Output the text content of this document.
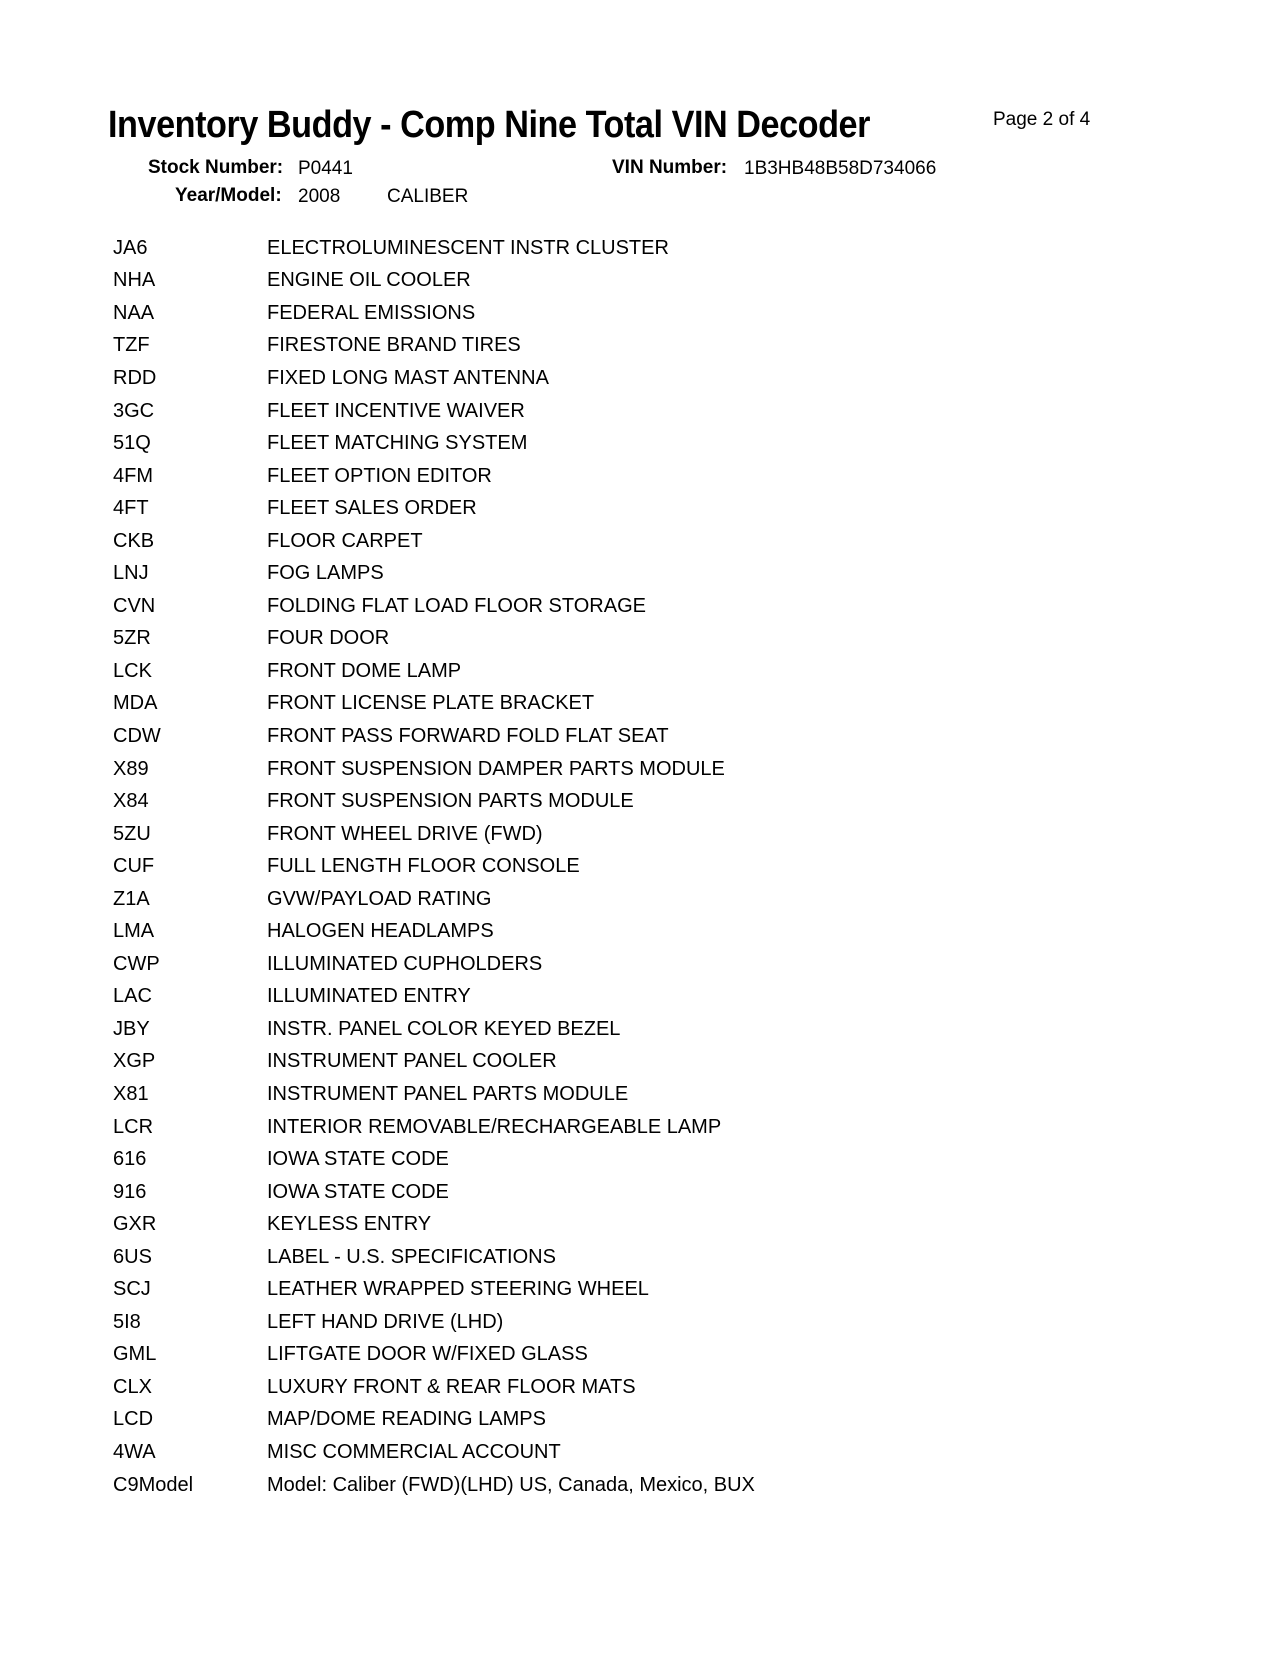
Inventory Buddy - Comp Nine Total VIN Decoder	Page 2 of 4
Stock Number: P0441	VIN Number: 1B3HB48B58D734066
Year/Model: 2008 CALIBER
JA6	ELECTROLUMINESCENT INSTR CLUSTER
NHA	ENGINE OIL COOLER
NAA	FEDERAL EMISSIONS
TZF	FIRESTONE BRAND TIRES
RDD	FIXED LONG MAST ANTENNA
3GC	FLEET INCENTIVE WAIVER
51Q	FLEET MATCHING SYSTEM
4FM	FLEET OPTION EDITOR
4FT	FLEET SALES ORDER
CKB	FLOOR CARPET
LNJ	FOG LAMPS
CVN	FOLDING FLAT LOAD FLOOR STORAGE
5ZR	FOUR DOOR
LCK	FRONT DOME LAMP
MDA	FRONT LICENSE PLATE BRACKET
CDW	FRONT PASS FORWARD FOLD FLAT SEAT
X89	FRONT SUSPENSION DAMPER PARTS MODULE
X84	FRONT SUSPENSION PARTS MODULE
5ZU	FRONT WHEEL DRIVE (FWD)
CUF	FULL LENGTH FLOOR CONSOLE
Z1A	GVW/PAYLOAD RATING
LMA	HALOGEN HEADLAMPS
CWP	ILLUMINATED CUPHOLDERS
LAC	ILLUMINATED ENTRY
JBY	INSTR. PANEL COLOR KEYED BEZEL
XGP	INSTRUMENT PANEL COOLER
X81	INSTRUMENT PANEL PARTS MODULE
LCR	INTERIOR REMOVABLE/RECHARGEABLE LAMP
616	IOWA STATE CODE
916	IOWA STATE CODE
GXR	KEYLESS ENTRY
6US	LABEL - U.S. SPECIFICATIONS
SCJ	LEATHER WRAPPED STEERING WHEEL
5I8	LEFT HAND DRIVE (LHD)
GML	LIFTGATE DOOR W/FIXED GLASS
CLX	LUXURY FRONT & REAR FLOOR MATS
LCD	MAP/DOME READING LAMPS
4WA	MISC COMMERCIAL ACCOUNT
C9Model	Model: Caliber (FWD)(LHD) US, Canada, Mexico, BUX
